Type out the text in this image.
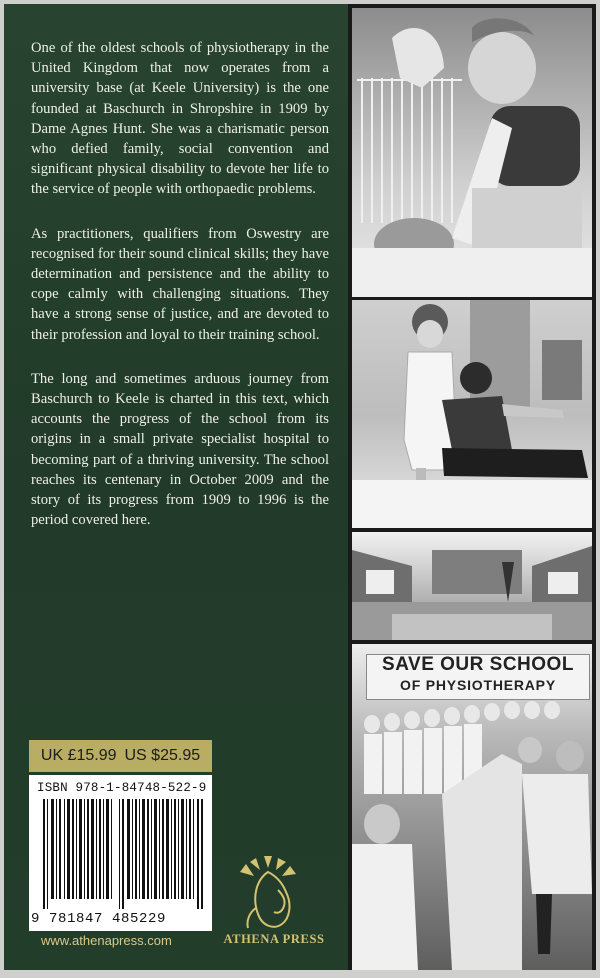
One of the oldest schools of physiotherapy in the United Kingdom that now operates from a university base (at Keele University) is the one founded at Baschurch in Shropshire in 1909 by Dame Agnes Hunt. She was a charismatic person who defied family, social convention and significant physical disability to devote her life to the service of people with orthopaedic problems.

As practitioners, qualifiers from Oswestry are recognised for their sound clinical skills; they have determination and persistence and the ability to cope calmly with challenging situations. They have a strong sense of justice, and are devoted to their profession and loyal to their training school.

The long and sometimes arduous journey from Baschurch to Keele is charted in this text, which accounts the progress of the school from its origins in a small private specialist hospital to becoming part of a thriving university. The school reaches its centenary in October 2009 and the story of its progress from 1909 to 1996 is the period covered here.

UK £15.99 US $25.95
ISBN 978-1-84748-522-9
9 781847 485229
www.athenapress.com	ATHENA PRESS
SAVE OUR SCHOOL
OF PHYSIOTHERAPY
